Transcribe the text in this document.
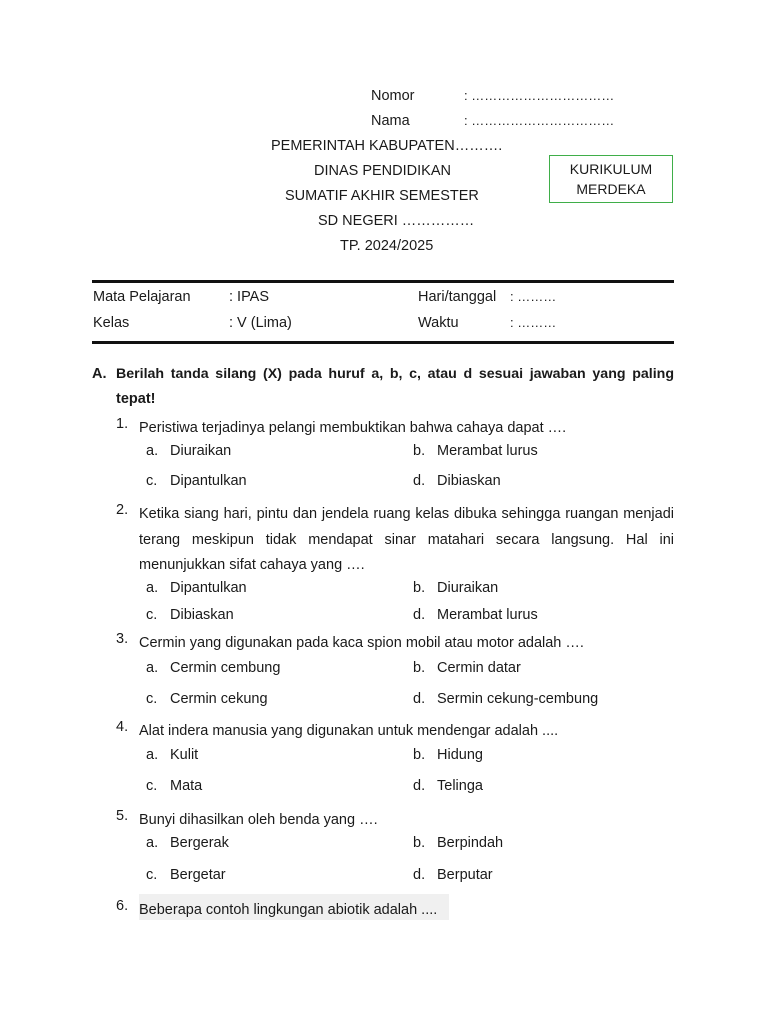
Nomor	: ……………………………
Nama	: ……………………………
PEMERINTAH KABUPATEN……….
DINAS PENDIDIKAN
SUMATIF AKHIR SEMESTER
SD NEGERI ……………
TP. 2024/2025
KURIKULUM
MERDEKA
Mata Pelajaran	: IPAS	Hari/tanggal : ………
Kelas	: V (Lima)	Waktu	: ………
A. Berilah tanda silang (X) pada huruf a, b, c, atau d sesuai jawaban yang paling
tepat!
1. Peristiwa terjadinya pelangi membuktikan bahwa cahaya dapat ….
a. Diuraikan	b. Merambat lurus
c. Dipantulkan	d. Dibiaskan
2. Ketika siang hari, pintu dan jendela ruang kelas dibuka sehingga ruangan menjadi terang meskipun tidak mendapat sinar matahari secara langsung. Hal ini menunjukkan sifat cahaya yang ….
a. Dipantulkan	b. Diuraikan
c. Dibiaskan	d. Merambat lurus
3. Cermin yang digunakan pada kaca spion mobil atau motor adalah ….
a. Cermin cembung	b. Cermin datar
c. Cermin cekung	d. Sermin cekung-cembung
4. Alat indera manusia yang digunakan untuk mendengar adalah ....
a. Kulit	b. Hidung
c. Mata	d. Telinga
5. Bunyi dihasilkan oleh benda yang ….
a. Bergerak	b. Berpindah
c. Bergetar	d. Berputar
6. Beberapa contoh lingkungan abiotik adalah ....
